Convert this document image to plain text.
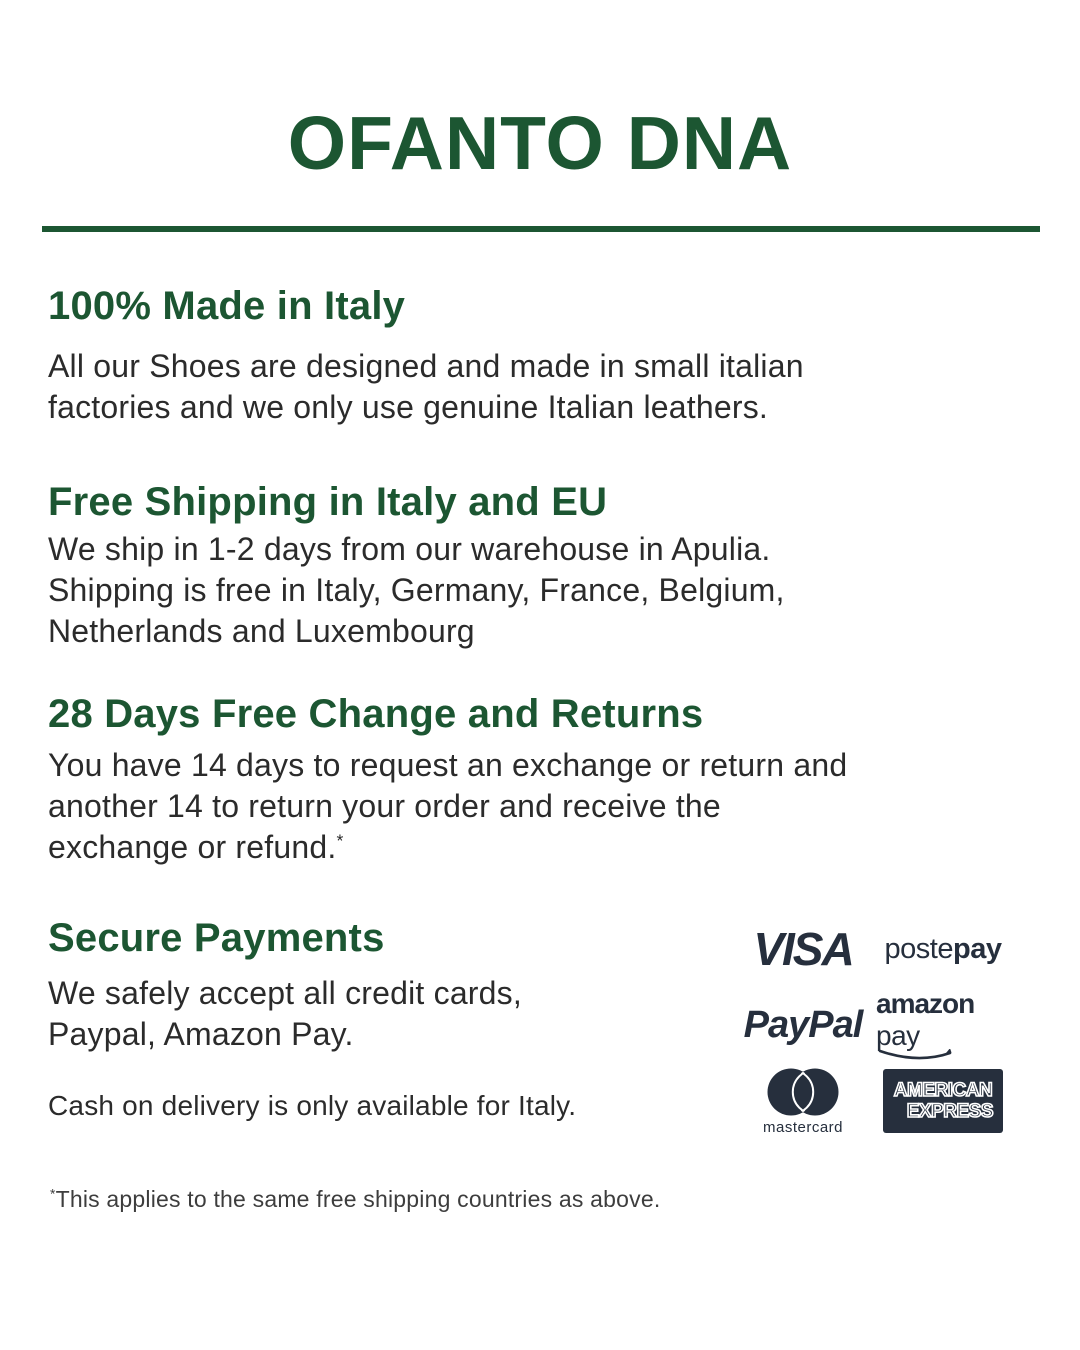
OFANTO DNA
100% Made in Italy

All our Shoes are designed and made in small italian
factories and we only use genuine Italian leathers.

Free Shipping in Italy and EU

We ship in 1-2 days from our warehouse in Apulia.
Shipping is free in Italy, Germany, France, Belgium,
Netherlands and Luxembourg

28 Days Free Change and Returns

You have 14 days to request an exchange or return and
another 14 to return your order and receive the
exchange or refund.*

Secure Payments

We safely accept all credit cards,
Paypal, Amazon Pay.

Cash on delivery is only available for Italy.

*This applies to the same free shipping countries as above.

VISA postepay
PayPal amazon pay
mastercard
AMERICAN
EXPRESS
